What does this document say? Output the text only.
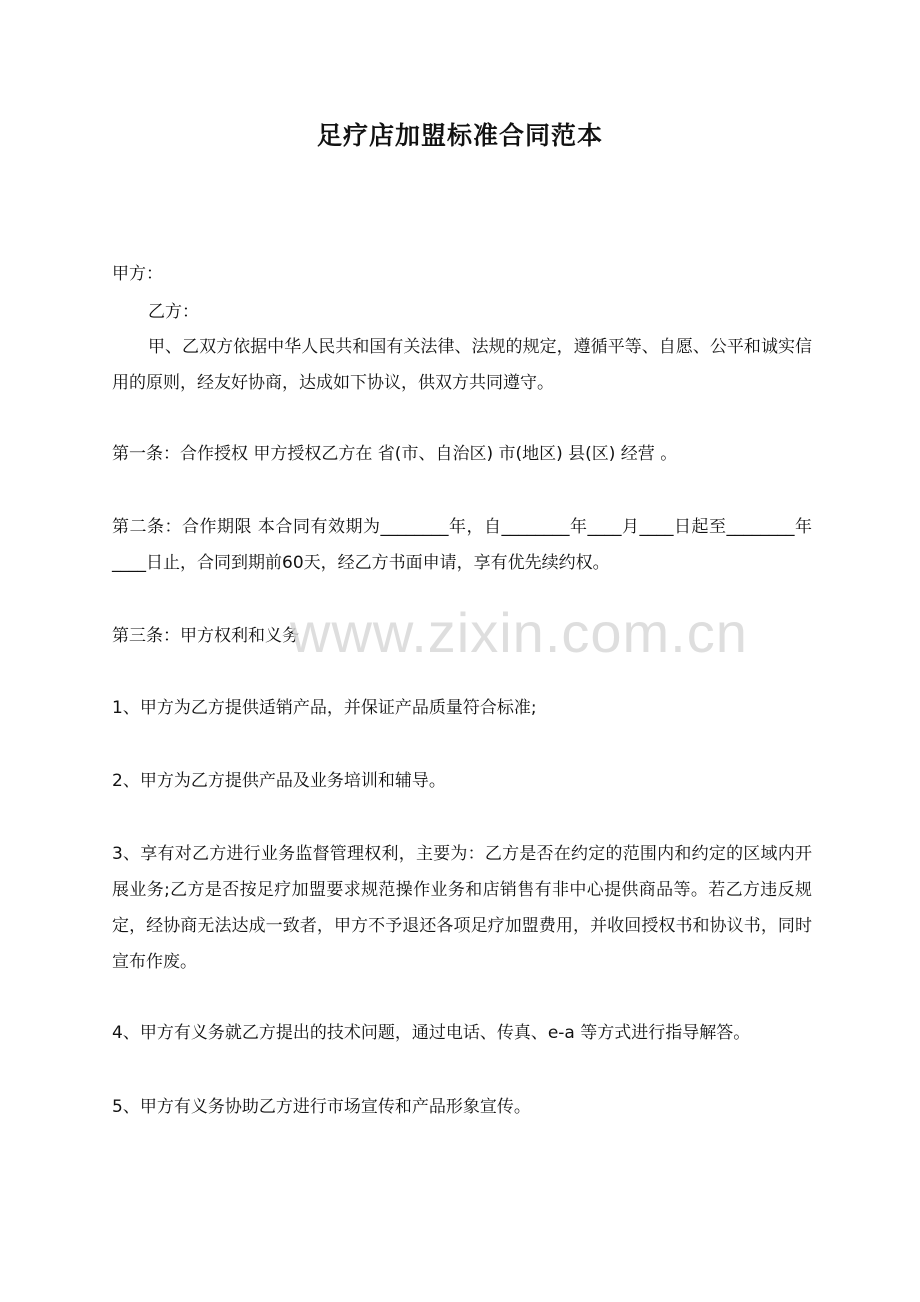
足疗店加盟标准合同范本
甲方：
乙方：
甲、乙双方依据中华人民共和国有关法律、法规的规定，遵循平等、自愿、公平和诚实信用的原则，经友好协商，达成如下协议，供双方共同遵守。
第一条：合作授权 甲方授权乙方在 省(市、自治区) 市(地区) 县(区) 经营 。
第二条：合作期限 本合同有效期为________年，自________年____月____日起至________年____日止，合同到期前60天，经乙方书面申请，享有优先续约权。
第三条：甲方权利和义务
1、甲方为乙方提供适销产品，并保证产品质量符合标准;
2、甲方为乙方提供产品及业务培训和辅导。
3、享有对乙方进行业务监督管理权利，主要为：乙方是否在约定的范围内和约定的区域内开展业务;乙方是否按足疗加盟要求规范操作业务和店销售有非中心提供商品等。若乙方违反规定，经协商无法达成一致者，甲方不予退还各项足疗加盟费用，并收回授权书和协议书，同时宣布作废。
4、甲方有义务就乙方提出的技术问题，通过电话、传真、e-a 等方式进行指导解答。
5、甲方有义务协助乙方进行市场宣传和产品形象宣传。
www.zixin.com.cn
